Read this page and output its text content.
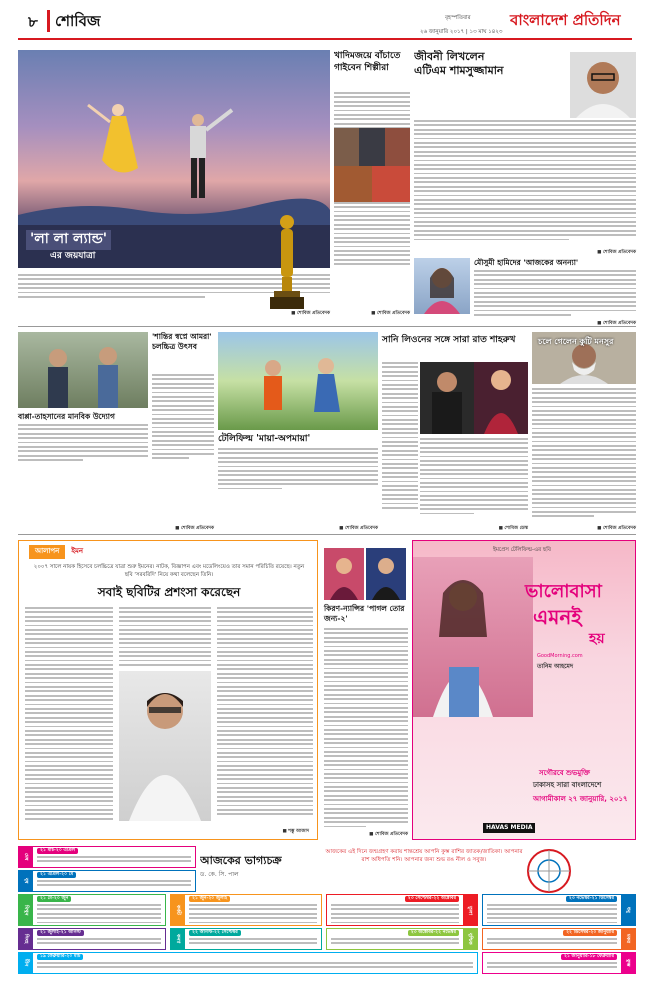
৮ শোবিজ	বৃহস্পতিবার
২৬ জানুয়ারি ২০১৭ | ১৩ মাঘ ১৪২৩
বাংলাদেশ প্রতিদিন
'লা লা ল্যান্ড'
এর জয়যাত্রা
■ শোবিজ প্রতিবেদক
খাদিমজয়ে বাঁচাতে গাইবেন শিল্পীরা
■ শোবিজ প্রতিবেদক
জীবনী লিখলেন
এটিএম শামসুজ্জামান
■ শোবিজ প্রতিবেদক
মৌসুমী হামিদের 'আজকের অনন্যা'
■ শোবিজ প্রতিবেদক
বাপ্পা-তাহসানের মানবিক উদ্যোগ
'শান্তির স্বপ্নে আমরা' চলচ্চিত্র উৎসব
■ শোবিজ প্রতিবেদক
টেলিফিল্ম 'মায়া-অপমায়া'
■ শোবিজ প্রতিবেদক
সানি লিওনের সঙ্গে সারা রাত শাহরুখ
■ শোবিজ ডেস্ক
চলে গেলেন কুটি মনসুর
■ শোবিজ প্রতিবেদক
আলাপন	ইমন
২০০৭ সালে নায়ক হিসেবে চলচ্চিত্রে যাত্রা শুরু ইমনের। নাটক, বিজ্ঞাপন এবং মডেলিংয়েও তার সমান পরিচিতি রয়েছে। নতুন ছবি 'সরবরিদি' নিয়ে কথা বলেছেন তিনি।
সবাই ছবিটির প্রশংসা করেছেন
■ শম্ভু আজাদ
কিরণ-ন্যান্সির 'পাগল তোর জন্য-২'
■ শোবিজ প্রতিবেদক
ইমপ্রেস টেলিফিল্ম-এর ছবি
ভালোবাসা
এমনই
হয়
GoodMorning.com
তানিম আহমেদ
সগৌরবে শুভমুক্তি
ঢাকাসহ সারা বাংলাদেশে
আগামীকাল ২৭ জানুয়ারি, ২০১৭
HAVAS MEDIA
আজকের ভাগ্যচক্র
ড. কে. সি. পাল
আজকের এই দিনে জন্মগ্রহণ করায় শান্তশ্রেয় আপনি কুম্ভ রাশির জাতক/জাতিকা। আপনার রাশ অধিপতি শনি। আপনার জন্য শুভ রঙ নীল ও সবুজ।
মেষ
২১ মার্চ-২০ এপ্রিল
বৃষ
২১ এপ্রিল-২০ মে
মিথুন
২১ মে-২০ জুন
কর্কট
২১ জুন-২০ জুলাই
সিংহ
২১ জুলাই-২১ আগস্ট
কন্যা
২২ আগস্ট-২২ সেপ্টেম্বর
তুলা
২৩ সেপ্টেম্বর-২২ অক্টোবর
বৃশ্চিক
২৩ অক্টোবর-২২ নভেম্বর
ধনু
২৩ নভেম্বর-২১ ডিসেম্বর
মকর
২২ ডিসেম্বর-২০ জানুয়ারি
কুম্ভ
২১ জানুয়ারি-১৮ ফেব্রুয়ারি
মীন
১৯ ফেব্রুয়ারি-২০ মার্চ
